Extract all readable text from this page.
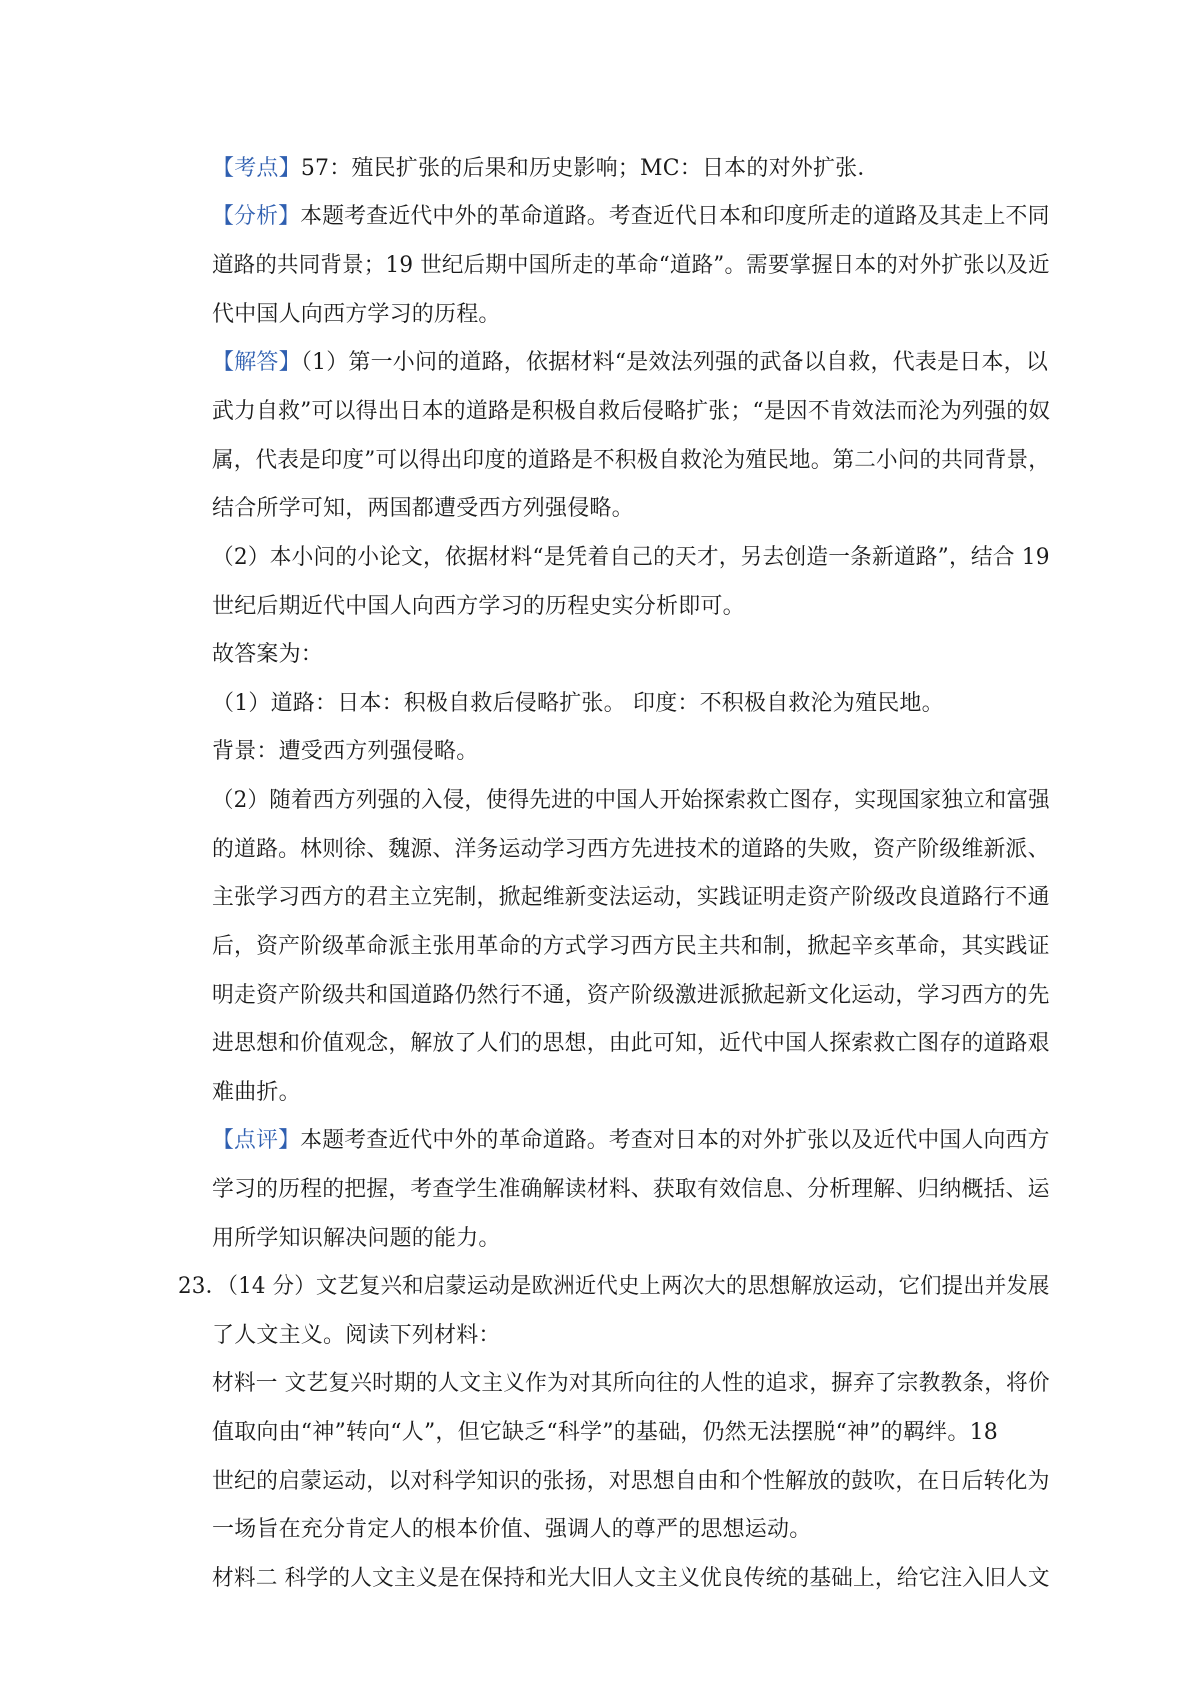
【考点】57：殖民扩张的后果和历史影响；MC：日本的对外扩张．
【分析】本题考查近代中外的革命道路。考查近代日本和印度所走的道路及其走上不同
道路的共同背景；19 世纪后期中国所走的革命“道路”。需要掌握日本的对外扩张以及近
代中国人向西方学习的历程。
【解答】（1）第一小问的道路，依据材料“是效法列强的武备以自救，代表是日本，以
武力自救”可以得出日本的道路是积极自救后侵略扩张；“是因不肯效法而沦为列强的奴
属，代表是印度”可以得出印度的道路是不积极自救沦为殖民地。第二小问的共同背景，
结合所学可知，两国都遭受西方列强侵略。
（2）本小问的小论文，依据材料“是凭着自己的天才，另去创造一条新道路”，结合 19
世纪后期近代中国人向西方学习的历程史实分析即可。
故答案为：
（1）道路：日本：积极自救后侵略扩张。 印度：不积极自救沦为殖民地。
背景：遭受西方列强侵略。
（2）随着西方列强的入侵，使得先进的中国人开始探索救亡图存，实现国家独立和富强
的道路。林则徐、魏源、洋务运动学习西方先进技术的道路的失败，资产阶级维新派、
主张学习西方的君主立宪制，掀起维新变法运动，实践证明走资产阶级改良道路行不通
后，资产阶级革命派主张用革命的方式学习西方民主共和制，掀起辛亥革命，其实践证
明走资产阶级共和国道路仍然行不通，资产阶级激进派掀起新文化运动，学习西方的先
进思想和价值观念，解放了人们的思想，由此可知，近代中国人探索救亡图存的道路艰
难曲折。
【点评】本题考查近代中外的革命道路。考查对日本的对外扩张以及近代中国人向西方
学习的历程的把握，考查学生准确解读材料、获取有效信息、分析理解、归纳概括、运
用所学知识解决问题的能力。
23．（14 分）文艺复兴和启蒙运动是欧洲近代史上两次大的思想解放运动，它们提出并发展
了人文主义。阅读下列材料：
材料一 文艺复兴时期的人文主义作为对其所向往的人性的追求，摒弃了宗教教条，将价
值取向由“神”转向“人”，但它缺乏“科学”的基础，仍然无法摆脱“神”的羁绊。18
世纪的启蒙运动，以对科学知识的张扬，对思想自由和个性解放的鼓吹，在日后转化为
一场旨在充分肯定人的根本价值、强调人的尊严的思想运动。
材料二 科学的人文主义是在保持和光大旧人文主义优良传统的基础上，给它注入旧人文
